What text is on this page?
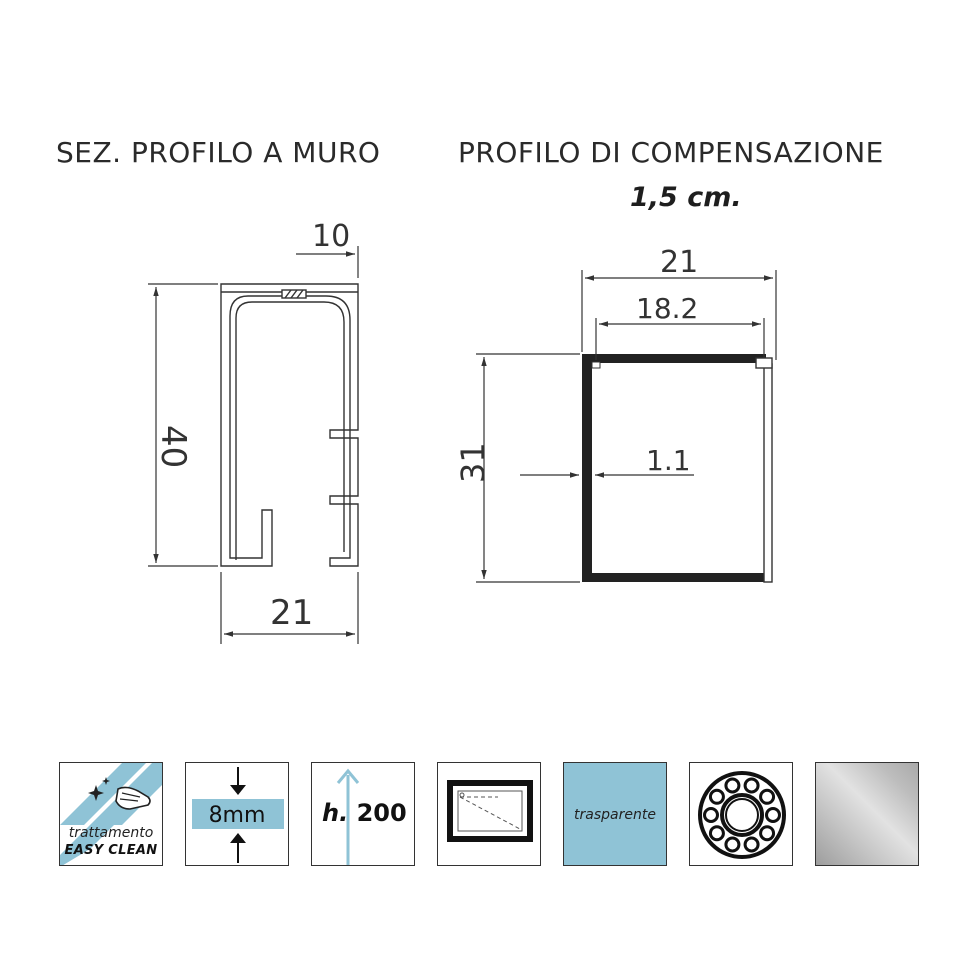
SEZ. PROFILO A MURO	PROFILO DI COMPENSAZIONE
1,5 cm.
10
40
21
21
18.2
31	1.1
trattamento
EASY CLEAN
8mm	h. 200	trasparente
